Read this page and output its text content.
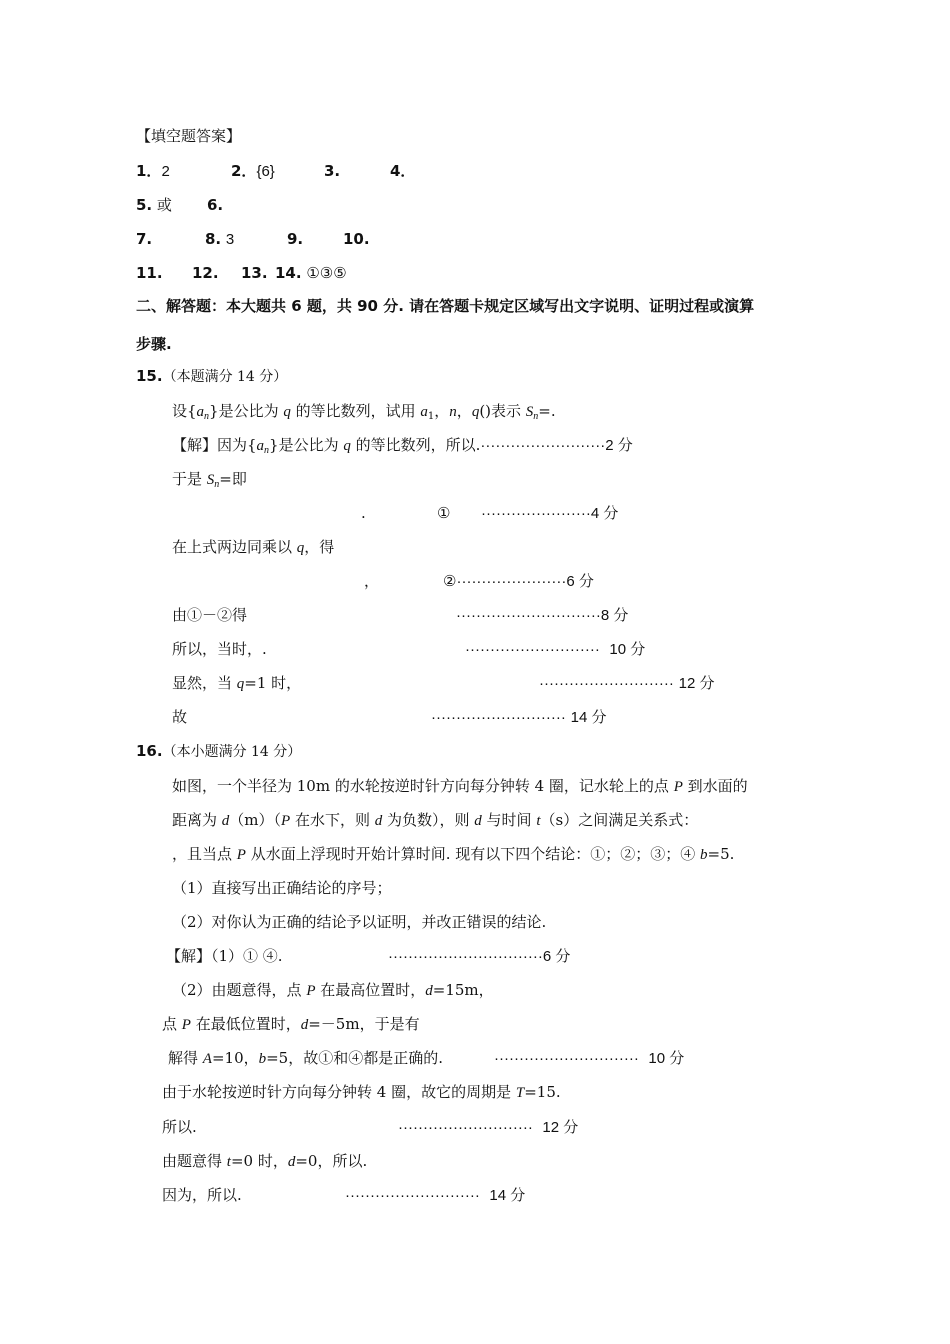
【填空题答案】
1．2	2．{6}	3.	4．
5. 或 6.
7.	8. 3	9.	10.
11. 12. 13. 14. ①③⑤
二、解答题：本大题共 6 题，共 90 分. 请在答题卡规定区域写出文字说明、证明过程或演算
步骤.
15.（本题满分 14 分）
设$\{a_n\}$是公比为 q 的等比数列，试用 $a_1$，n，q()表示 $S_n=$.
【解】因为$\{a_n\}$是公比为 q 的等比数列，所以.·························2 分
于是 $S_n=$即
.	① ······················4 分
在上式两边同乘以 q，得
，	②······················6 分
由①－②得	·····························8 分
所以，当时，.	··························· 10 分
显然，当 q=1 时，	··························· 12 分
故	··························· 14 分
16.（本小题满分 14 分）
如图，一个半径为 10m 的水轮按逆时针方向每分钟转 4 圈，记水轮上的点 P 到水面的
距离为 d（m）（P 在水下，则 d 为负数），则 d 与时间 t（s）之间满足关系式：
，且当点 P 从水面上浮现时开始计算时间. 现有以下四个结论：①；②；③；④ b=5.
（1）直接写出正确结论的序号；
（2）对你认为正确的结论予以证明，并改正错误的结论.
【解】（1）① ④.	·······························6 分
（2）由题意得，点 P 在最高位置时，d=15m，
点 P 在最低位置时，d=－5m，于是有
解得 A=10，b=5，故①和④都是正确的.	····························· 10 分
由于水轮按逆时针方向每分钟转 4 圈，故它的周期是 T=15.
所以.	··························· 12 分
由题意得 t=0 时，d=0，所以.
因为，所以.	··························· 14 分
